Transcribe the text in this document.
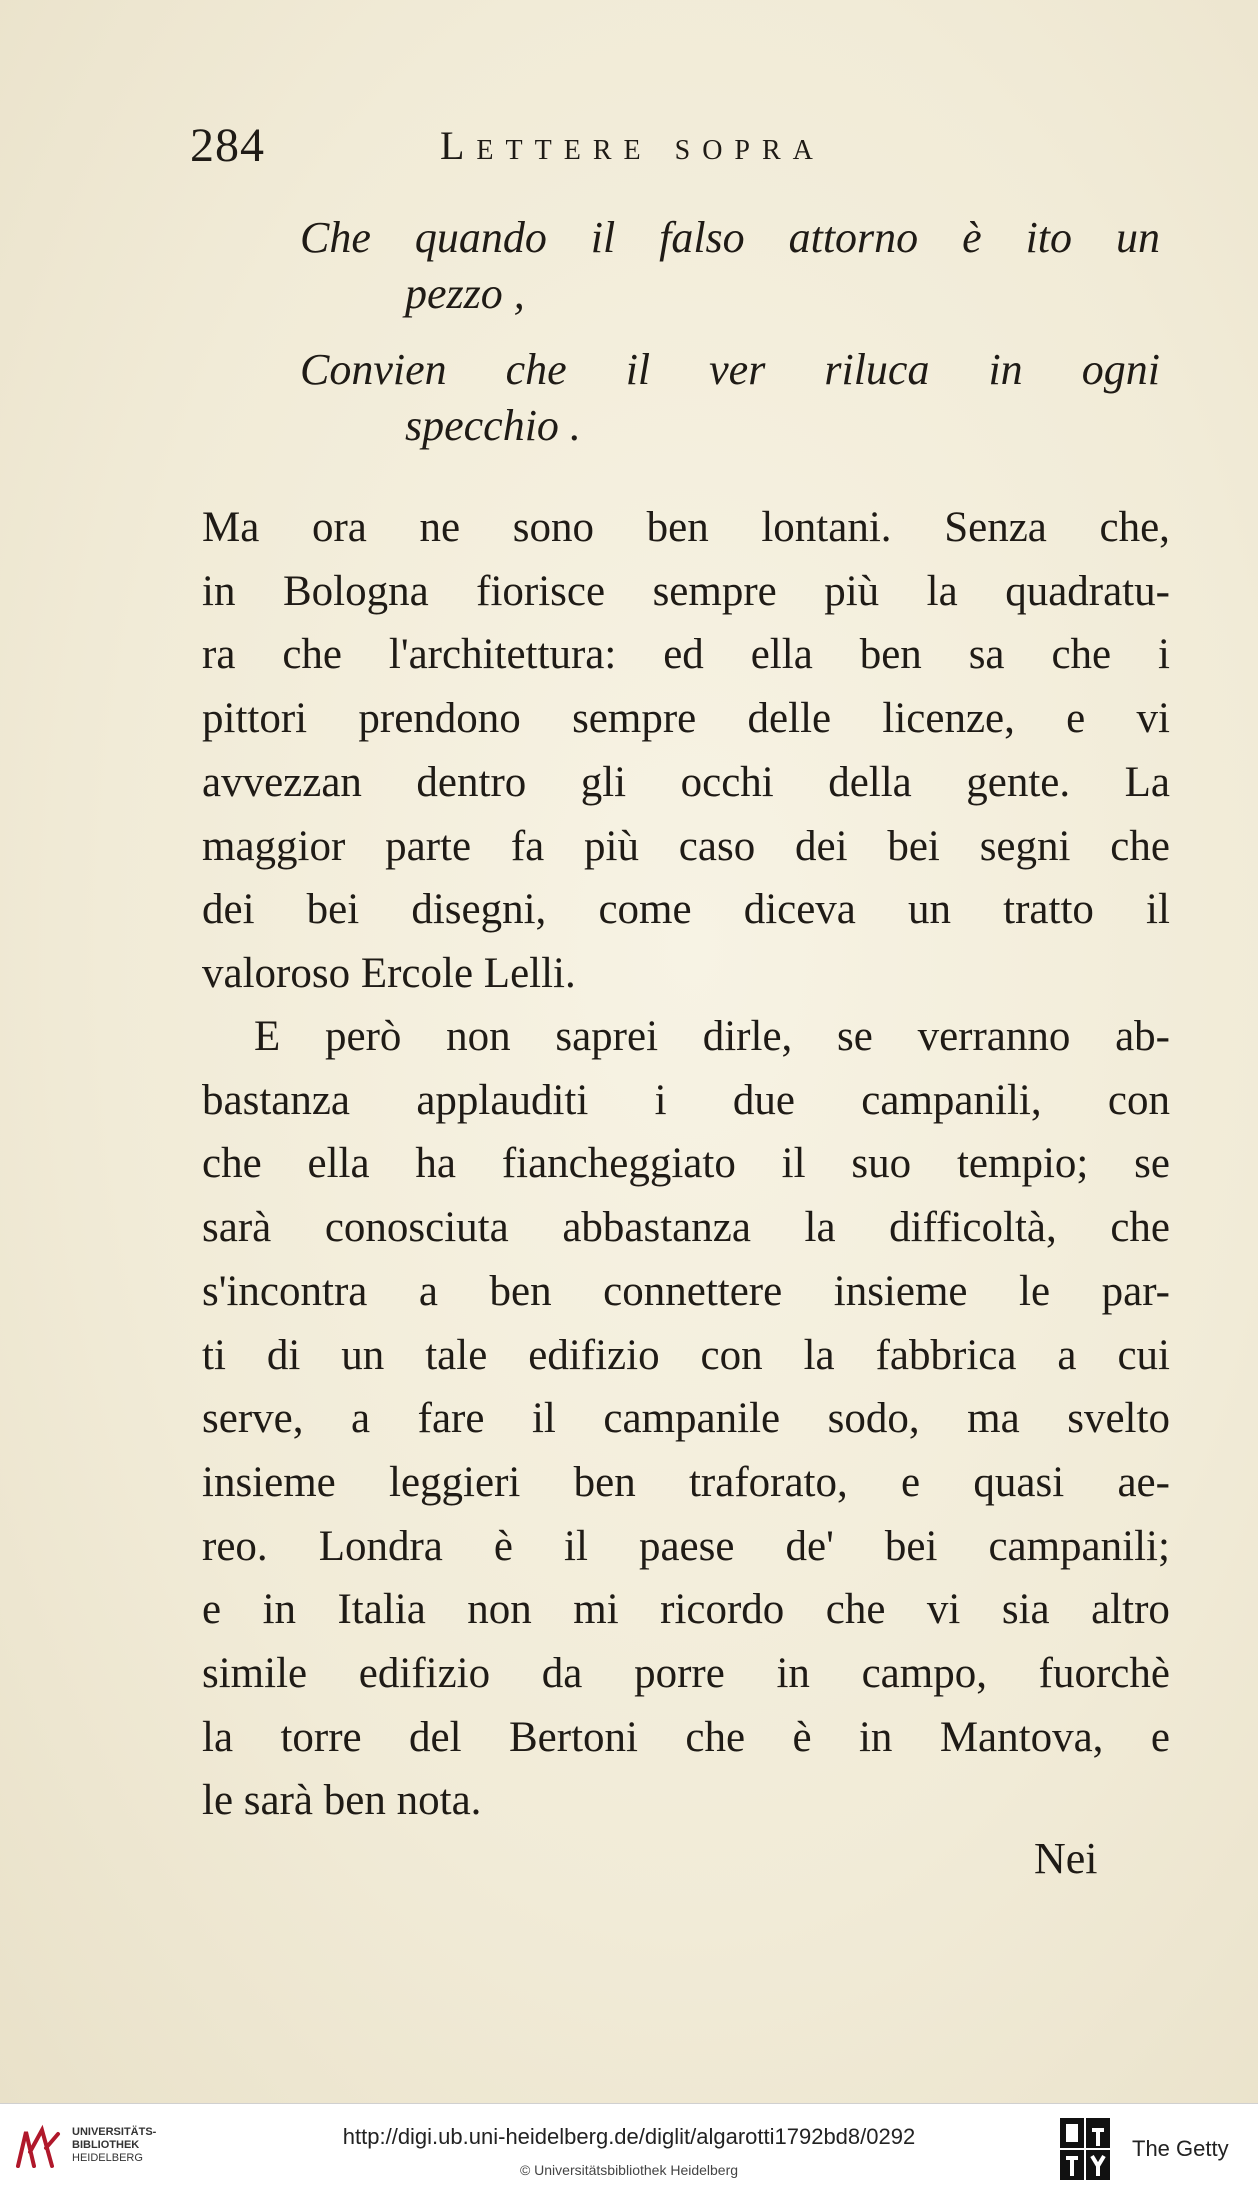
284	Lettere sopra
Che quando il falso attorno è ito un
pezzo ,
Convien che il ver riluca in ogni
specchio .
Ma ora ne sono ben lontani. Senza che,
in Bologna fiorisce sempre più la quadratu-
ra che l'architettura: ed ella ben sa che i
pittori prendono sempre delle licenze, e vi
avvezzan dentro gli occhi della gente. La
maggior parte fa più caso dei bei segni che
dei bei disegni, come diceva un tratto il
valoroso
Ercole
Lelli.
E però non saprei dirle, se verranno ab-
bastanza applauditi i due campanili, con
che ella ha fiancheggiato il suo tempio; se
sarà conosciuta abbastanza la difficoltà, che
s'incontra a ben connettere insieme le par-
ti di un tale edifizio con la fabbrica a cui
serve, a fare il campanile sodo, ma svelto
insieme leggieri ben traforato, e quasi ae-
reo. Londra è il paese de' bei campanili;
e in Italia non mi ricordo che vi sia altro
simile edifizio da porre in campo, fuorchè
la torre del Bertoni che è in Mantova, e
le
sarà
ben
nota.
Nei
UNIVERSITÄTS-
BIBLIOTHEK
HEIDELBERG
http://digi.ub.uni-heidelberg.de/diglit/algarotti1792bd8/0292
© Universitätsbibliothek Heidelberg
The Getty
